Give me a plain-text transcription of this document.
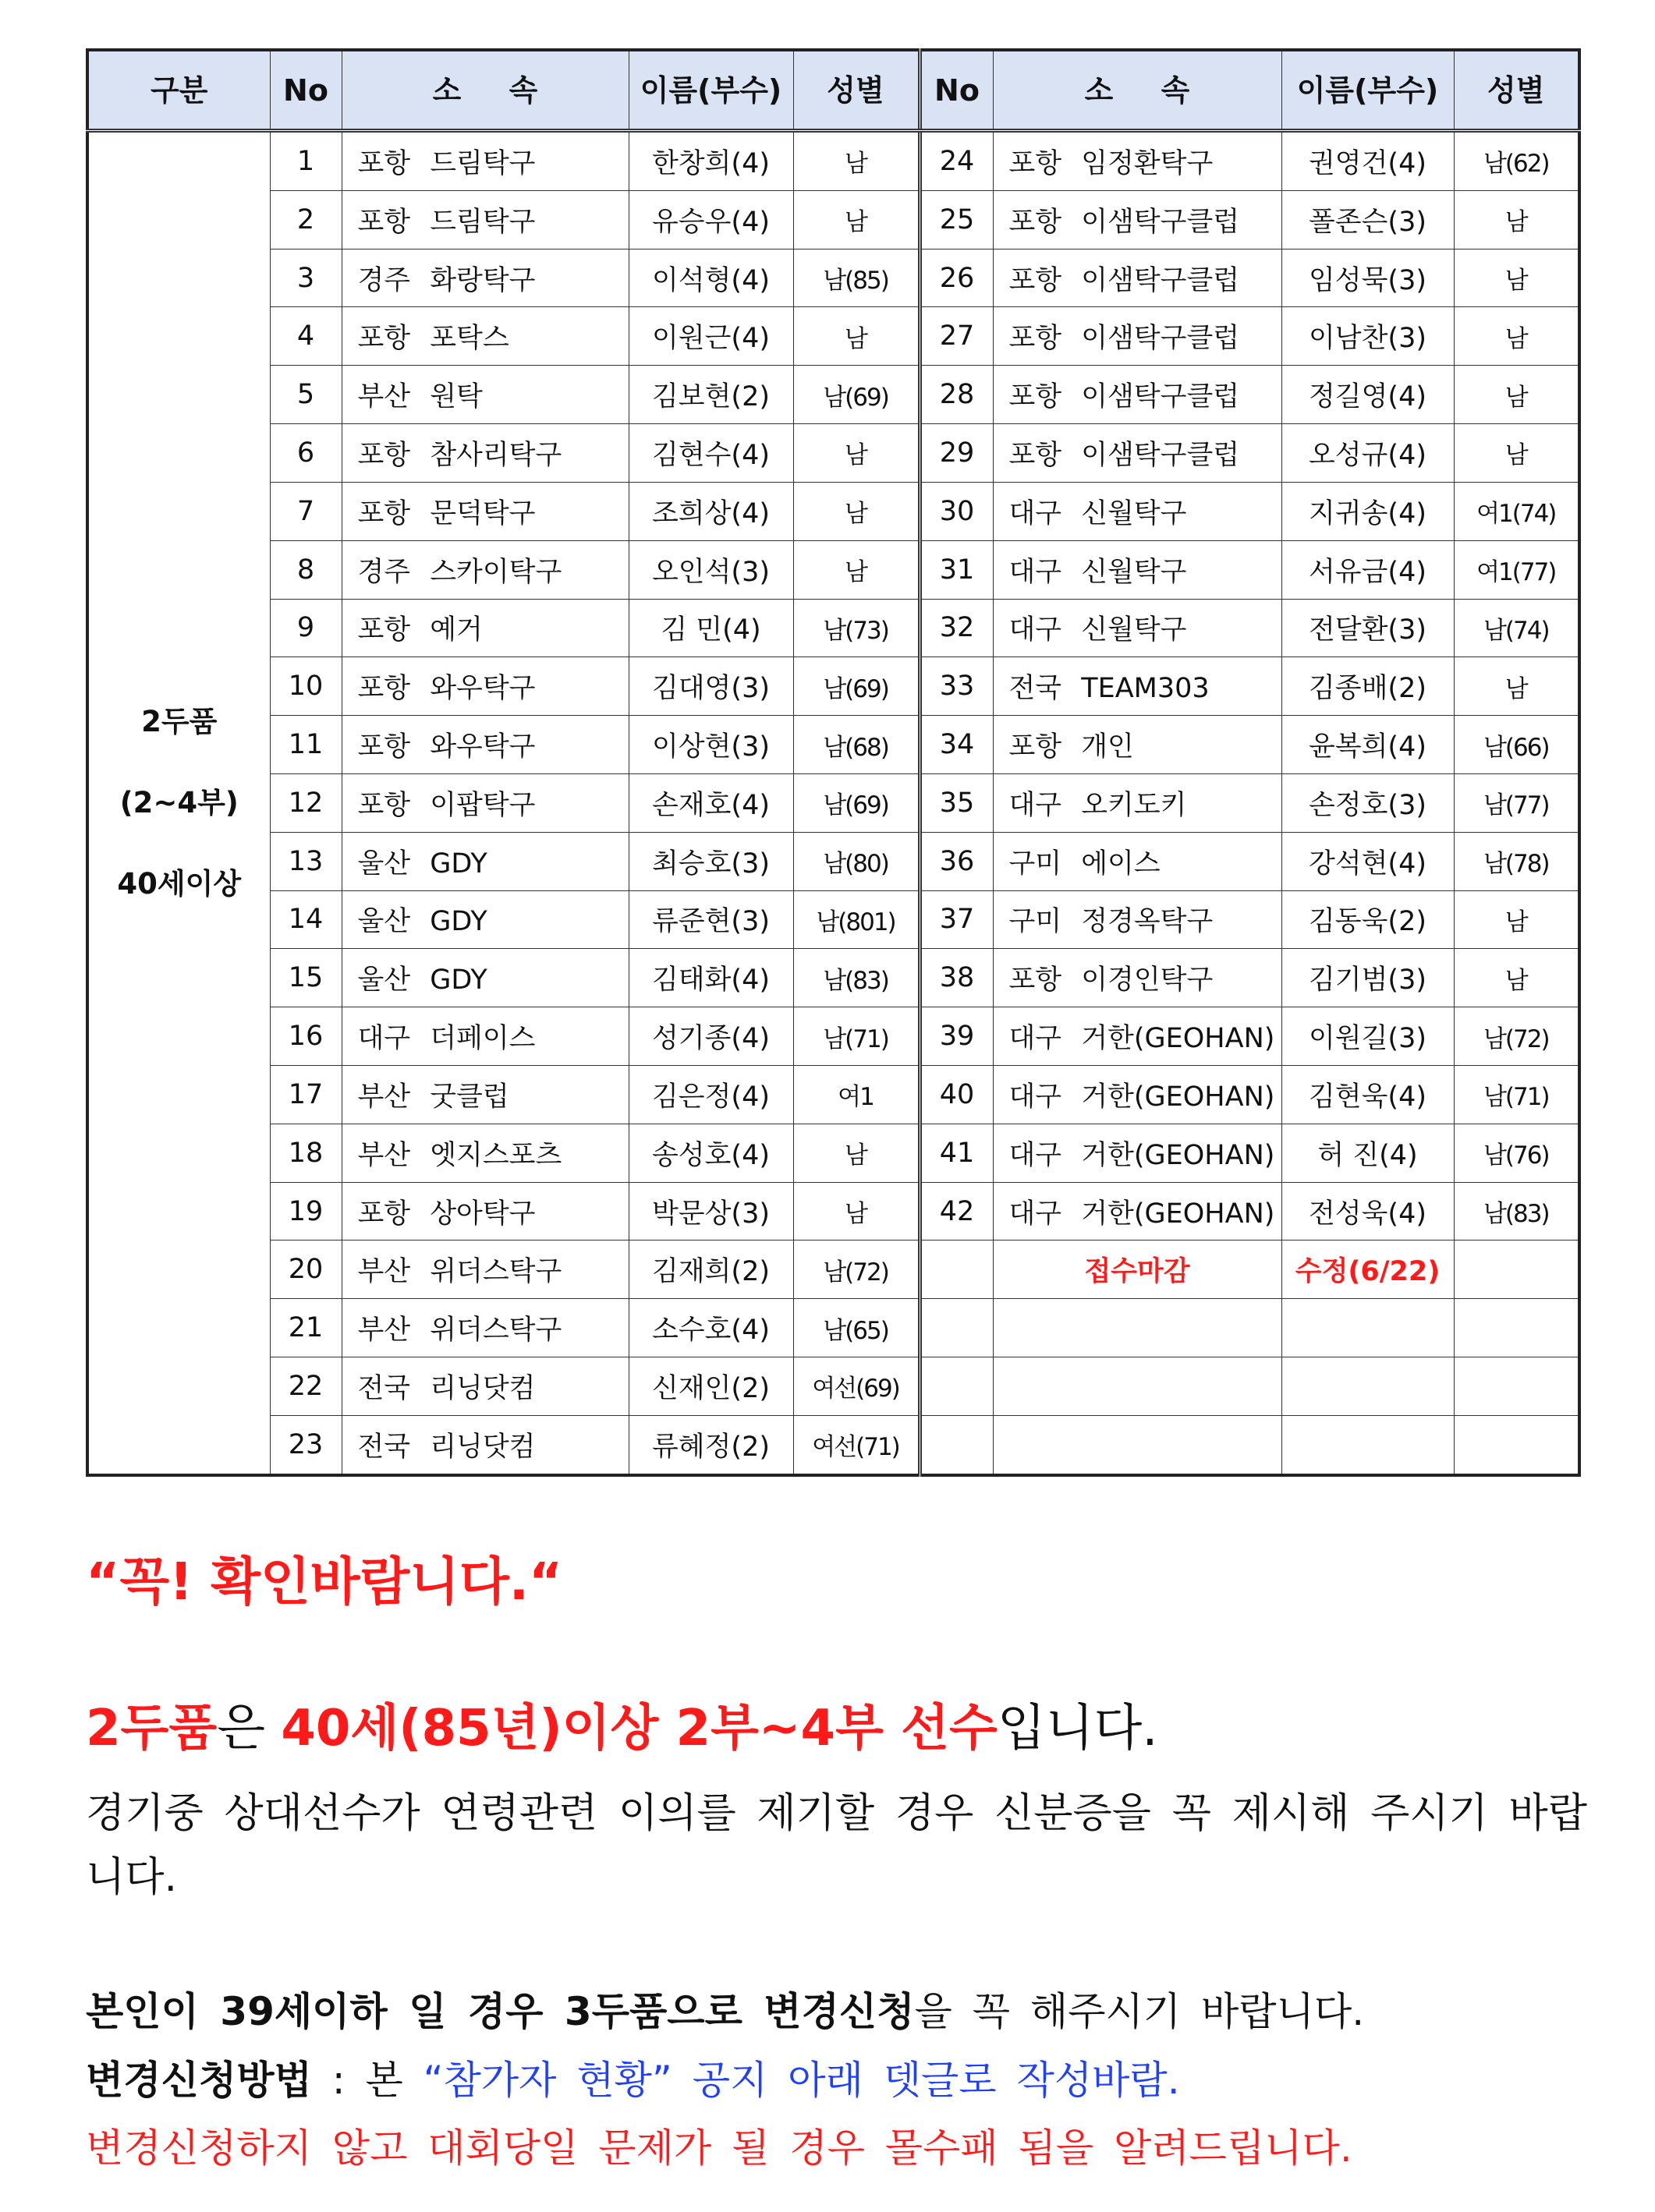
구분	No	소 속	이름(부수)	성별	No	소 속	이름(부수)	성별

2두품
(2~4부)
40세이상	1	포항 드림탁구	한창희(4)	남	24	포항 임정환탁구	권영건(4)	남(62)
	2	포항 드림탁구	유승우(4)	남	25	포항 이샘탁구클럽	폴존슨(3)	남
	3	경주 화랑탁구	이석형(4)	남(85)	26	포항 이샘탁구클럽	임성묵(3)	남
	4	포항 포탁스	이원근(4)	남	27	포항 이샘탁구클럽	이남찬(3)	남
	5	부산 원탁	김보현(2)	남(69)	28	포항 이샘탁구클럽	정길영(4)	남
	6	포항 참사리탁구	김현수(4)	남	29	포항 이샘탁구클럽	오성규(4)	남
	7	포항 문덕탁구	조희상(4)	남	30	대구 신월탁구	지귀송(4)	여1(74)
	8	경주 스카이탁구	오인석(3)	남	31	대구 신월탁구	서유금(4)	여1(77)
	9	포항 예거	김 민(4)	남(73)	32	대구 신월탁구	전달환(3)	남(74)
	10	포항 와우탁구	김대영(3)	남(69)	33	전국 TEAM303	김종배(2)	남
	11	포항 와우탁구	이상현(3)	남(68)	34	포항 개인	윤복희(4)	남(66)
	12	포항 이팝탁구	손재호(4)	남(69)	35	대구 오키도키	손정호(3)	남(77)
	13	울산 GDY	최승호(3)	남(80)	36	구미 에이스	강석현(4)	남(78)
	14	울산 GDY	류준현(3)	남(801)	37	구미 정경옥탁구	김동욱(2)	남
	15	울산 GDY	김태화(4)	남(83)	38	포항 이경인탁구	김기범(3)	남
	16	대구 더페이스	성기종(4)	남(71)	39	대구 거한(GEOHAN)	이원길(3)	남(72)
	17	부산 굿클럽	김은정(4)	여1	40	대구 거한(GEOHAN)	김현욱(4)	남(71)
	18	부산 엣지스포츠	송성호(4)	남	41	대구 거한(GEOHAN)	허 진(4)	남(76)
	19	포항 상아탁구	박문상(3)	남	42	대구 거한(GEOHAN)	전성욱(4)	남(83)
	20	부산 위더스탁구	김재희(2)	남(72)		접수마감	수정(6/22)	
	21	부산 위더스탁구	소수호(4)	남(65)				
	22	전국 리닝닷컴	신재인(2)	여선(69)				
	23	전국 리닝닷컴	류혜정(2)	여선(71)				

“꼭! 확인바람니다.“

2두품은 40세(85년)이상 2부~4부 선수입니다.

경기중 상대선수가 연령관련 이의를 제기할 경우 신분증을 꼭 제시해 주시기 바랍니다.

본인이 39세이하 일 경우 3두품으로 변경신청을 꼭 해주시기 바랍니다.

변경신청방법 : 본 “참가자 현황” 공지 아래 뎃글로 작성바람.

변경신청하지 않고 대회당일 문제가 될 경우 몰수패 됨을 알려드립니다.
